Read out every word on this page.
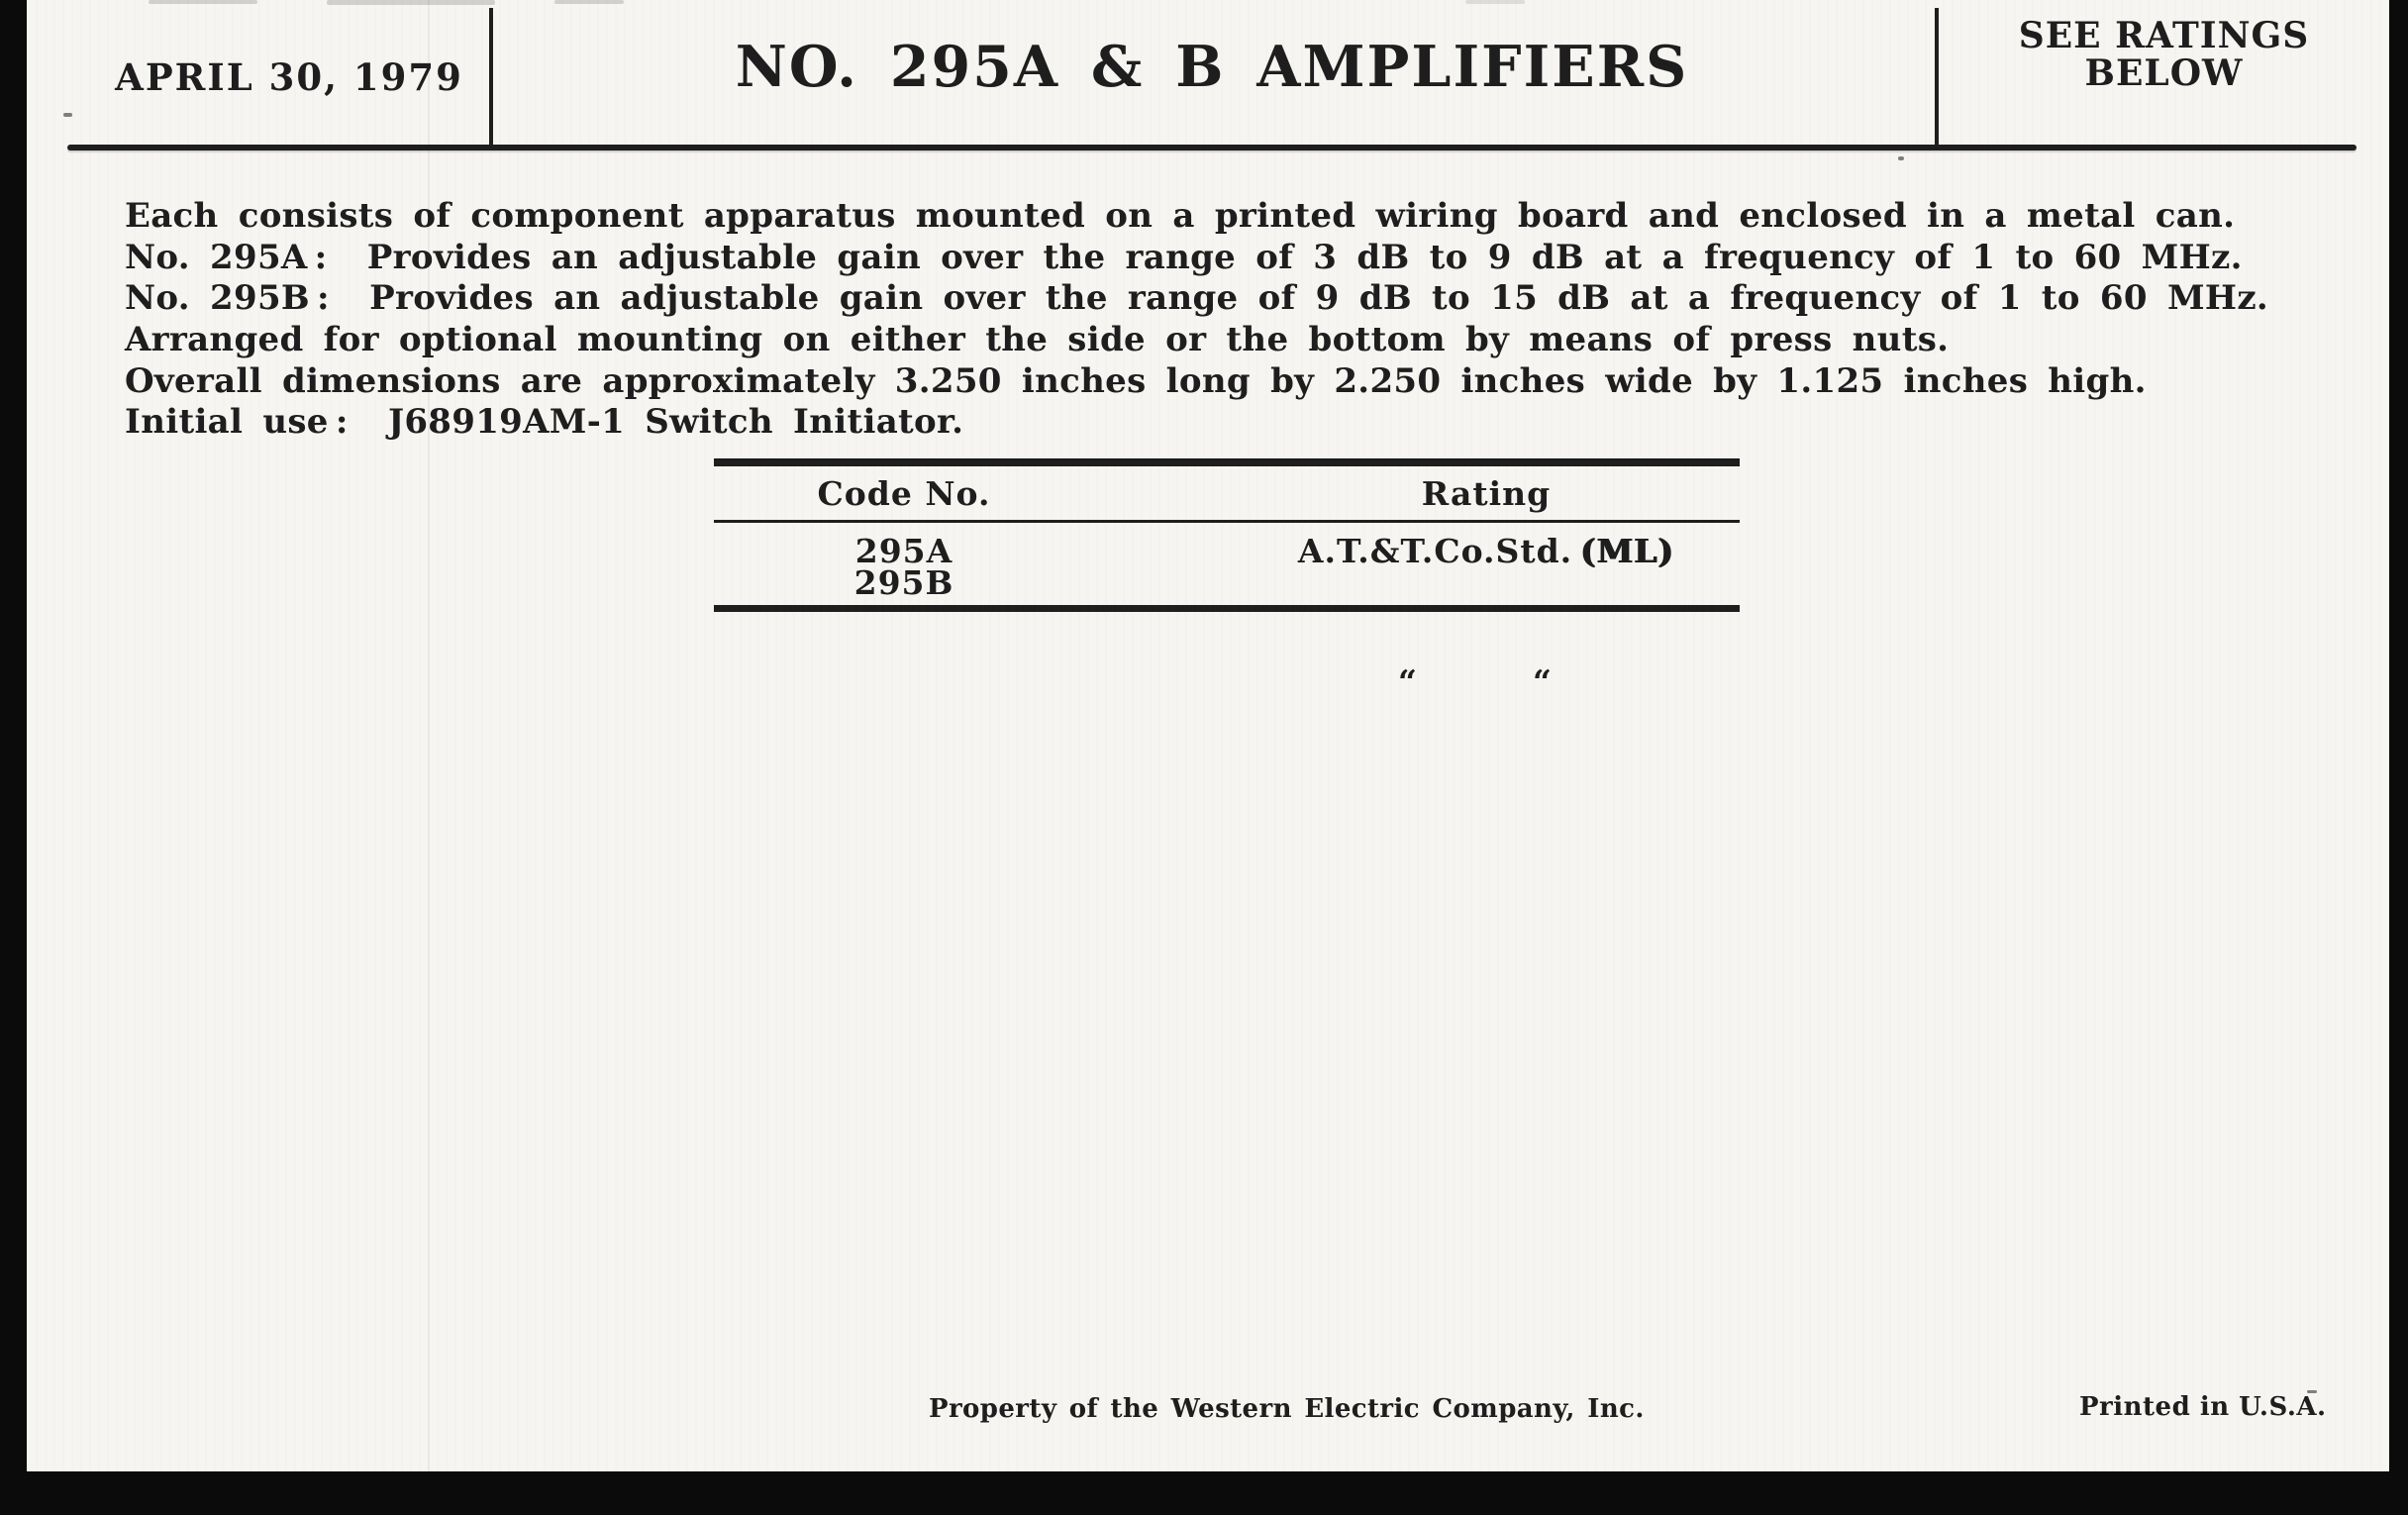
APRIL 30, 1979	NO. 295A & B AMPLIFIERS	SEE RATINGS
BELOW
Each consists of component apparatus mounted on a printed wiring board and enclosed in a metal can.
No. 295A :  Provides an adjustable gain over the range of 3 dB to 9 dB at a frequency of 1 to 60 MHz.
No. 295B :  Provides an adjustable gain over the range of 9 dB to 15 dB at a frequency of 1 to 60 MHz.
Arranged for optional mounting on either the side or the bottom by means of press nuts.
Overall dimensions are approximately 3.250 inches long by 2.250 inches wide by 1.125 inches high.
Initial use :  J68919AM-1 Switch Initiator.
Code No.	Rating
295A	A.T.&T.Co.Std. (ML)
295B
“	“
Property of the Western Electric Company, Inc.	Printed in U.S.A.
